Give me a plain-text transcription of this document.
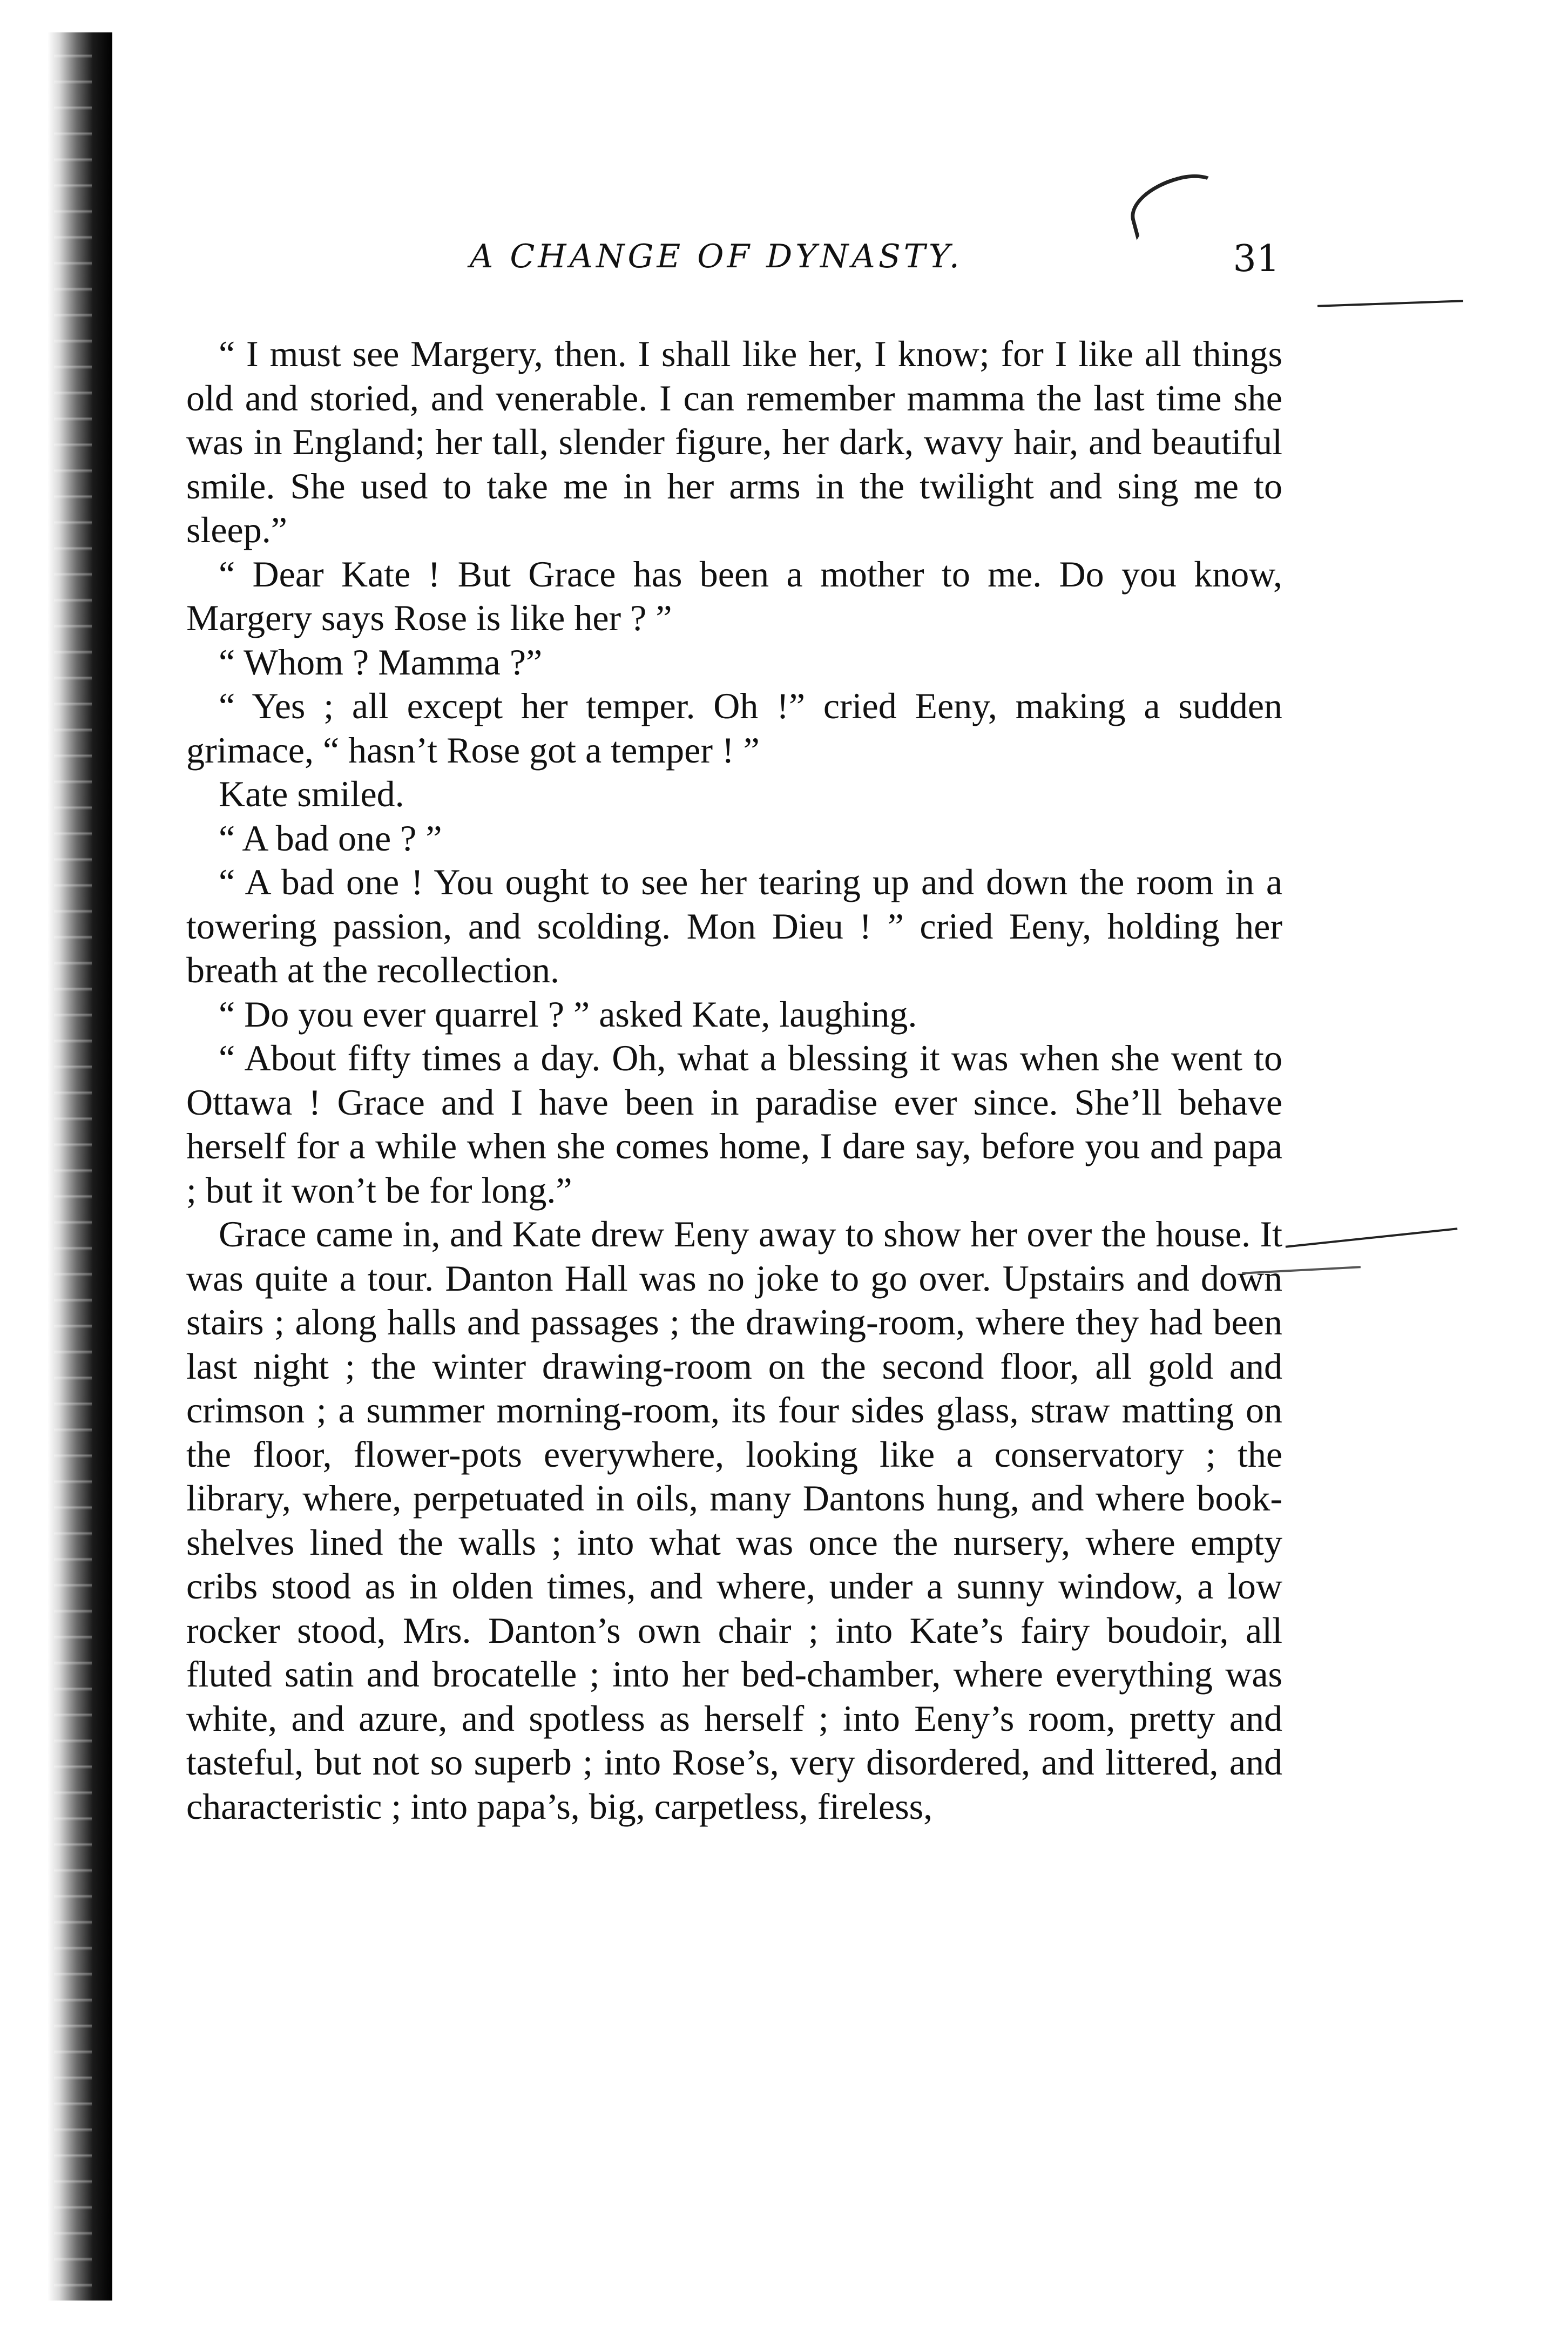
A CHANGE OF DYNASTY.	31

“ I must see Margery, then. I shall like her, I know; for I like all things old and storied, and venerable. I can remember mamma the last time she was in England; her tall, slender figure, her dark, wavy hair, and beautiful smile. She used to take me in her arms in the twilight and sing me to sleep.”

“ Dear Kate ! But Grace has been a mother to me. Do you know, Margery says Rose is like her ? ”

“ Whom ? Mamma ?”

“ Yes ; all except her temper. Oh !” cried Eeny, making a sudden grimace, “ hasn’t Rose got a temper ! ”

Kate smiled.

“ A bad one ? ”

“ A bad one ! You ought to see her tearing up and down the room in a towering passion, and scolding. Mon Dieu ! ” cried Eeny, holding her breath at the recollection.

“ Do you ever quarrel ? ” asked Kate, laughing.

“ About fifty times a day. Oh, what a blessing it was when she went to Ottawa ! Grace and I have been in paradise ever since. She’ll behave herself for a while when she comes home, I dare say, before you and papa ; but it won’t be for long.”

Grace came in, and Kate drew Eeny away to show her over the house. It was quite a tour. Danton Hall was no joke to go over. Upstairs and down stairs ; along halls and passages ; the drawing-room, where they had been last night ; the winter drawing-room on the second floor, all gold and crimson ; a summer morning-room, its four sides glass, straw matting on the floor, flower-pots everywhere, looking like a conservatory ; the library, where, perpetuated in oils, many Dantons hung, and where book-shelves lined the walls ; into what was once the nursery, where empty cribs stood as in olden times, and where, under a sunny window, a low rocker stood, Mrs. Danton’s own chair ; into Kate’s fairy boudoir, all fluted satin and brocatelle ; into her bed-chamber, where everything was white, and azure, and spotless as herself ; into Eeny’s room, pretty and tasteful, but not so superb ; into Rose’s, very disordered, and littered, and characteristic ; into papa’s, big, carpetless, fireless,
